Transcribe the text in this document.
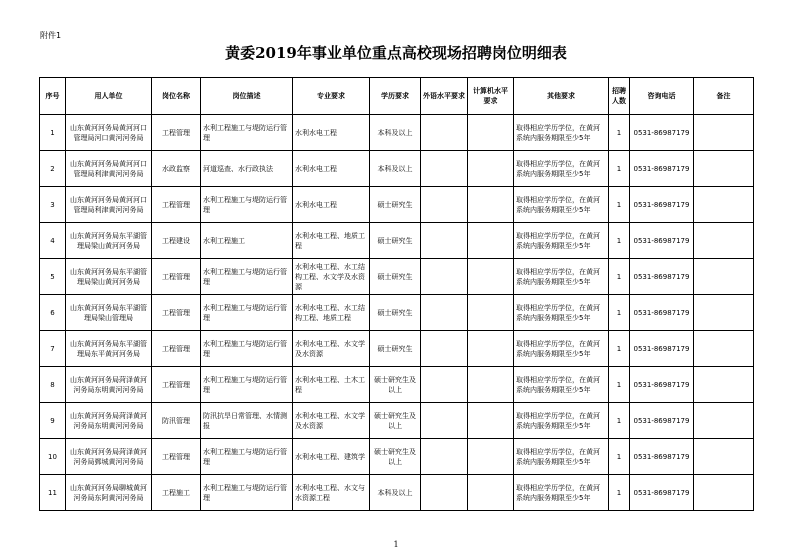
附件1
黄委2019年事业单位重点高校现场招聘岗位明细表
序号	用人单位	岗位名称	岗位描述	专业要求	学历要求	外语水平要求	计算机水平要求	其他要求	招聘人数	咨询电话	备注
1	山东黄河河务局黄河河口管理局河口黄河河务局	工程管理	水利工程施工与堤防运行管理	水利水电工程	本科及以上			取得相应学历学位，在黄河系统内服务期限至少5年	1	0531-86987179	
2	山东黄河河务局黄河河口管理局利津黄河河务局	水政监察	河道巡查、水行政执法	水利水电工程	本科及以上			取得相应学历学位，在黄河系统内服务期限至少5年	1	0531-86987179	
3	山东黄河河务局黄河河口管理局利津黄河河务局	工程管理	水利工程施工与堤防运行管理	水利水电工程	硕士研究生			取得相应学历学位，在黄河系统内服务期限至少5年	1	0531-86987179	
4	山东黄河河务局东平湖管理局梁山黄河河务局	工程建设	水利工程施工	水利水电工程、地质工程	硕士研究生			取得相应学历学位，在黄河系统内服务期限至少5年	1	0531-86987179	
5	山东黄河河务局东平湖管理局梁山黄河河务局	工程管理	水利工程施工与堤防运行管理	水利水电工程、水工结构工程、水文学及水资源	硕士研究生			取得相应学历学位，在黄河系统内服务期限至少5年	1	0531-86987179	
6	山东黄河河务局东平湖管理局梁山管理局	工程管理	水利工程施工与堤防运行管理	水利水电工程、水工结构工程、地质工程	硕士研究生			取得相应学历学位，在黄河系统内服务期限至少5年	1	0531-86987179	
7	山东黄河河务局东平湖管理局东平黄河河务局	工程管理	水利工程施工与堤防运行管理	水利水电工程、水文学及水资源	硕士研究生			取得相应学历学位，在黄河系统内服务期限至少5年	1	0531-86987179	
8	山东黄河河务局菏泽黄河河务局东明黄河河务局	工程管理	水利工程施工与堤防运行管理	水利水电工程、土木工程	硕士研究生及以上			取得相应学历学位，在黄河系统内服务期限至少5年	1	0531-86987179	
9	山东黄河河务局菏泽黄河河务局东明黄河河务局	防汛管理	防汛抗旱日常管理、水情测报	水利水电工程、水文学及水资源	硕士研究生及以上			取得相应学历学位，在黄河系统内服务期限至少5年	1	0531-86987179	
10	山东黄河河务局菏泽黄河河务局鄄城黄河河务局	工程管理	水利工程施工与堤防运行管理	水利水电工程、建筑学	硕士研究生及以上			取得相应学历学位，在黄河系统内服务期限至少5年	1	0531-86987179	
11	山东黄河河务局聊城黄河河务局东阿黄河河务局	工程施工	水利工程施工与堤防运行管理	水利水电工程、水文与水资源工程	本科及以上			取得相应学历学位，在黄河系统内服务期限至少5年	1	0531-86987179	
1
